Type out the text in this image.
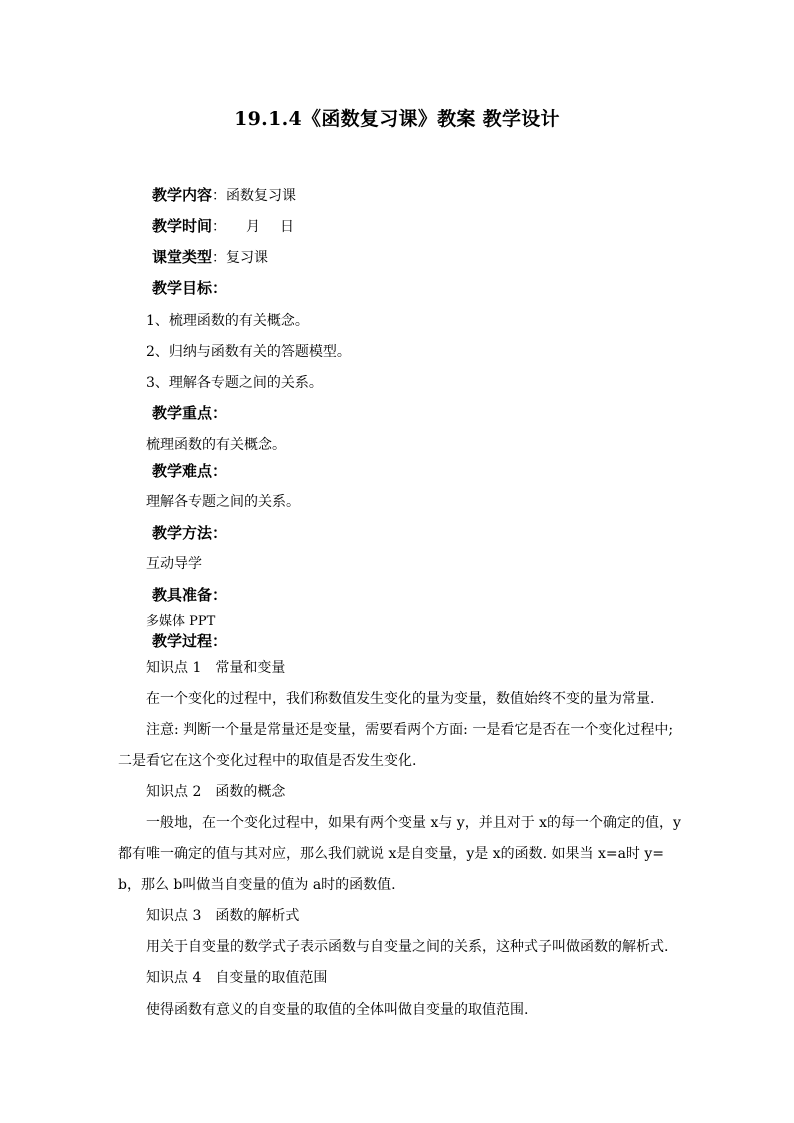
19.1.4《函数复习课》教案 教学设计
教学内容：函数复习课
教学时间： 月 日
课堂类型：复习课
教学目标：
1、梳理函数的有关概念。
2、归纳与函数有关的答题模型。
3、理解各专题之间的关系。
教学重点：
梳理函数的有关概念。
教学难点：
理解各专题之间的关系。
教学方法：
互动导学
教具准备：
多媒体 PPT
教学过程：
知识点 1　常量和变量
在一个变化的过程中，我们称数值发生变化的量为变量，数值始终不变的量为常量.
注意: 判断一个量是常量还是变量，需要看两个方面: 一是看它是否在一个变化过程中;
二是看它在这个变化过程中的取值是否发生变化.
知识点 2　函数的概念
一般地，在一个变化过程中，如果有两个变量 x与 y，并且对于 x的每一个确定的值，y
都有唯一确定的值与其对应，那么我们就说 x是自变量，y是 x的函数. 如果当 x=a时 y=
b，那么 b叫做当自变量的值为 a时的函数值.
知识点 3　函数的解析式
用关于自变量的数学式子表示函数与自变量之间的关系，这种式子叫做函数的解析式.
知识点 4　自变量的取值范围
使得函数有意义的自变量的取值的全体叫做自变量的取值范围.
